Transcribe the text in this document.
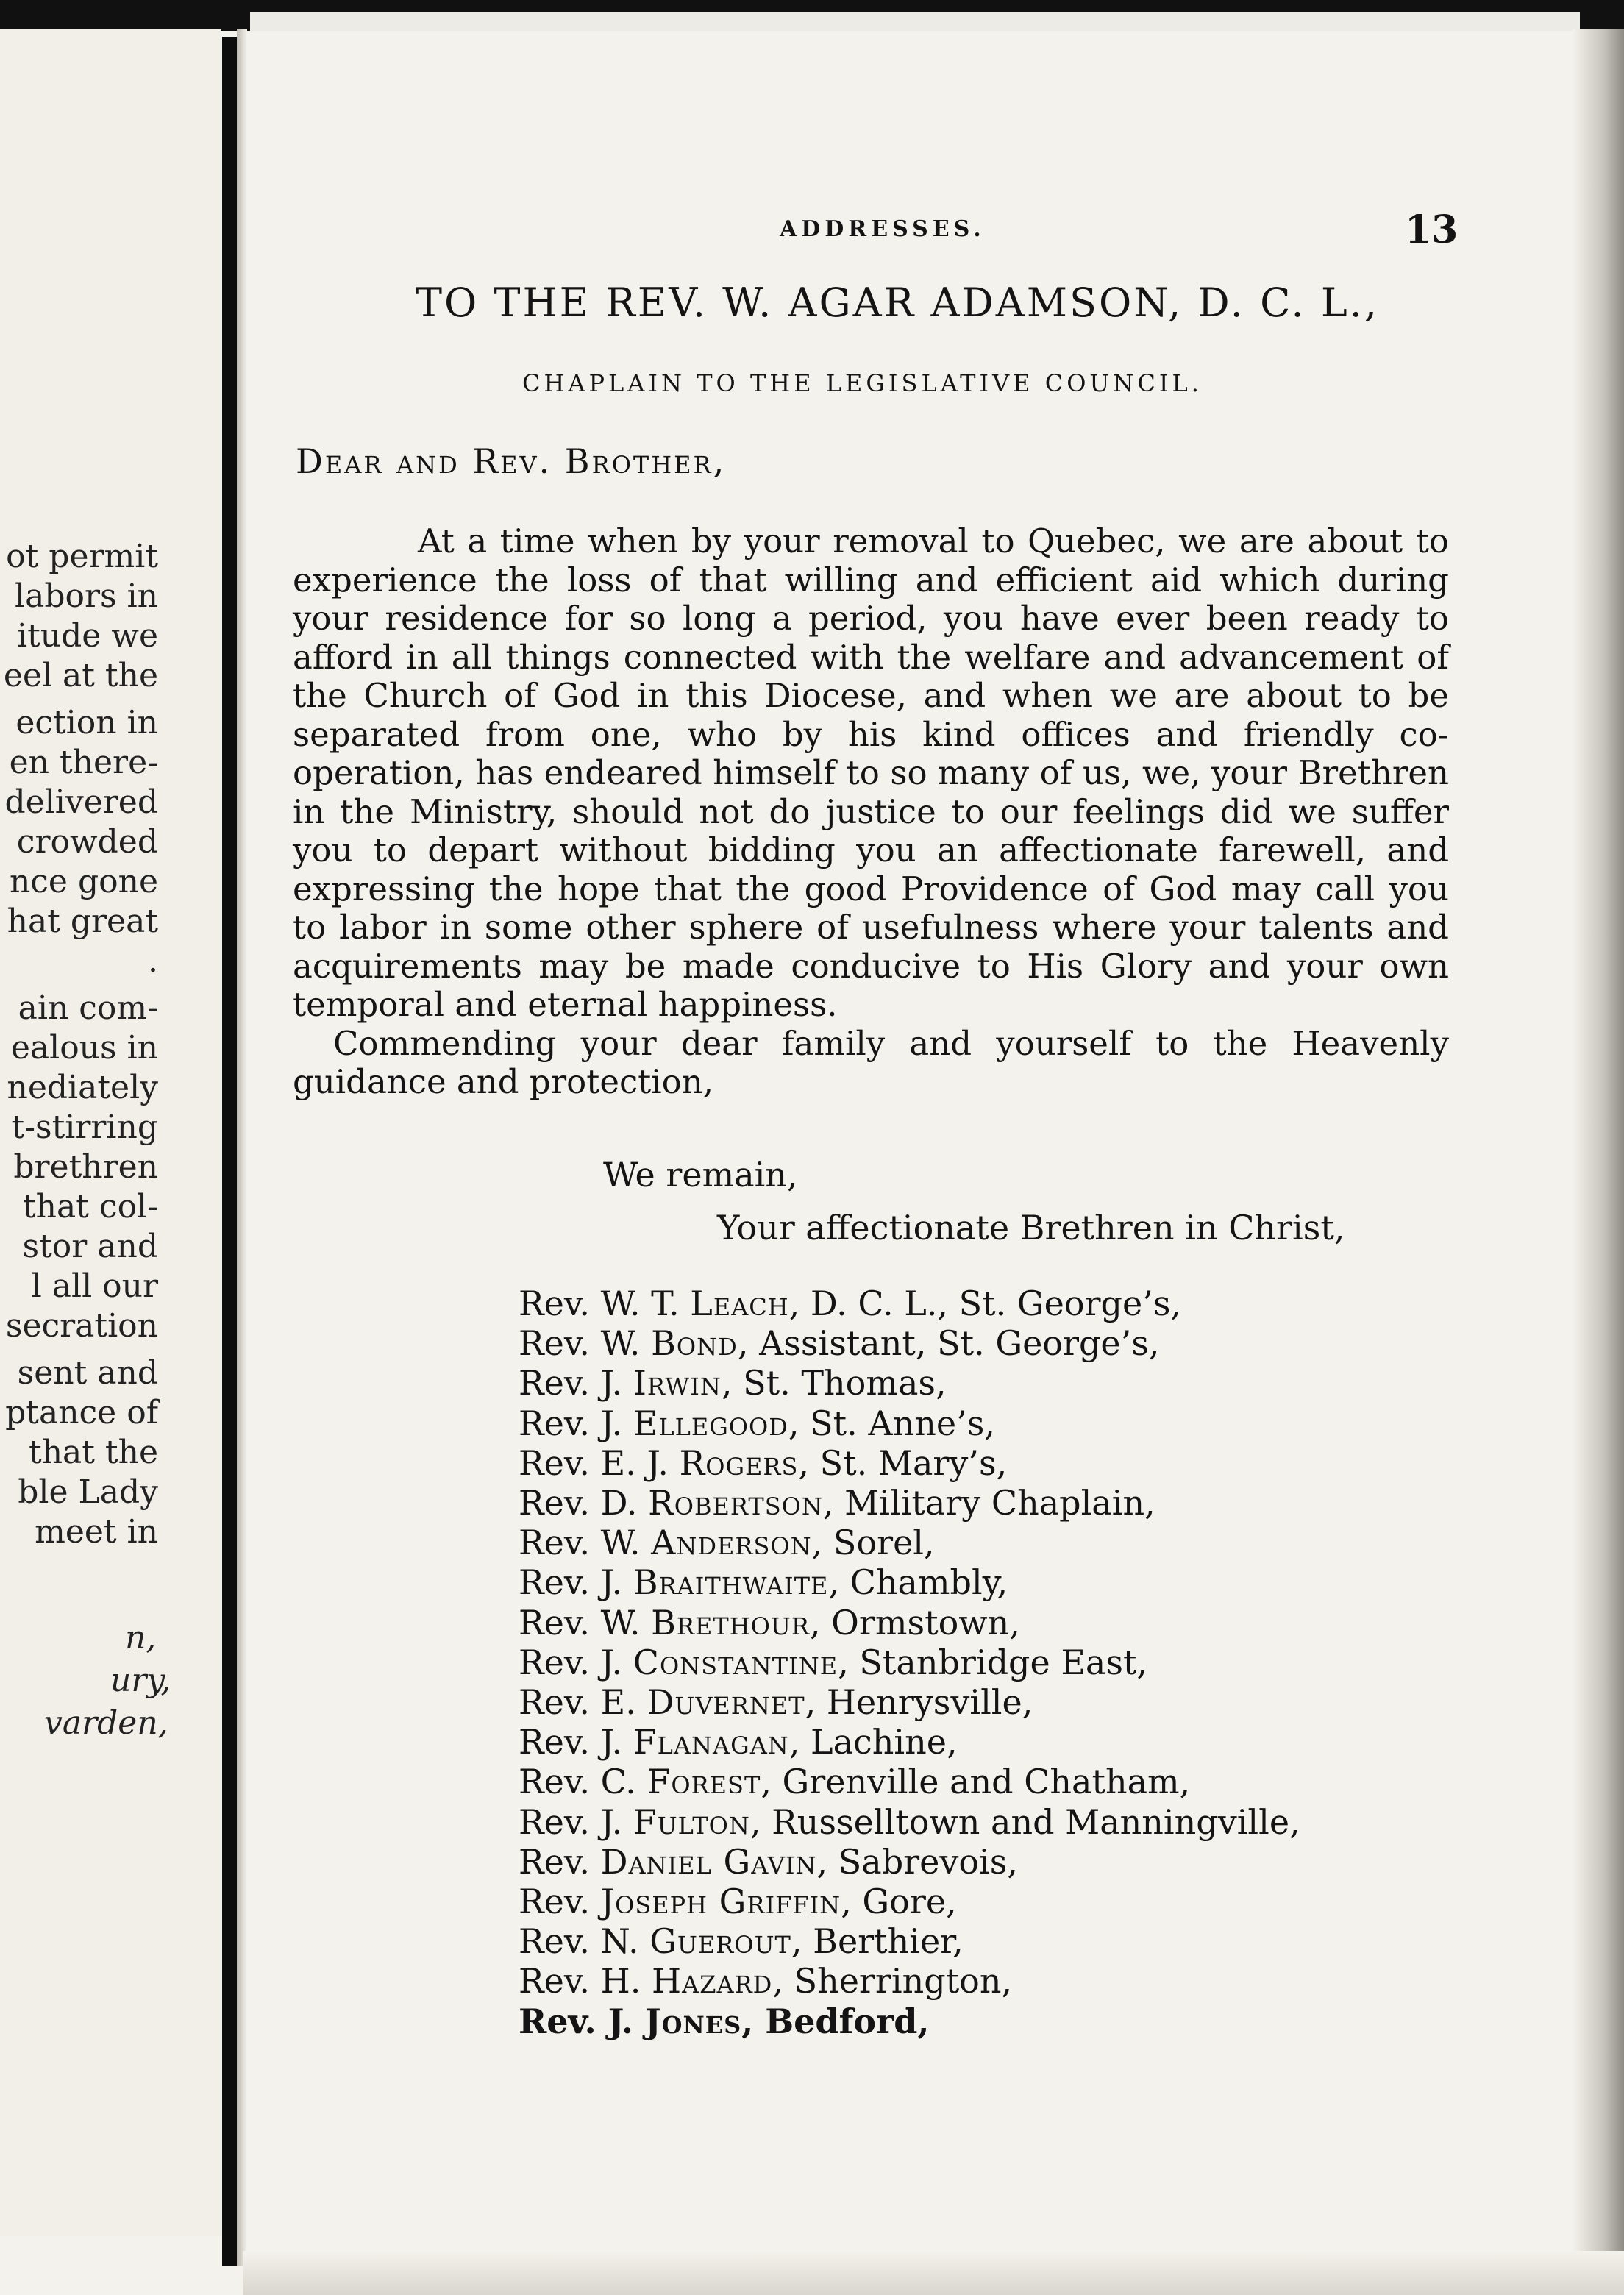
ot permit
labors in
itude we
eel at the
ection in
en there-
delivered
crowded
nce gone
hat great
.
ain com-
ealous in
nediately
t-stirring
brethren
that col-
stor and
l all our
secration
sent and
ptance of
that the
ble Lady
meet in
n,
ury,
varden,
ADDRESSES.	13
TO THE REV. W. AGAR ADAMSON, D. C. L.,
CHAPLAIN TO THE LEGISLATIVE COUNCIL.
Dear and Rev. Brother,

At a time when by your removal to Quebec, we are about to experience the loss of that willing and efficient aid which during your residence for so long a period, you have ever been ready to afford in all things connected with the welfare and advancement of the Church of God in this Diocese, and when we are about to be separated from one, who by his kind offices and friendly co-operation, has endeared himself to so many of us, we, your Brethren in the Ministry, should not do justice to our feelings did we suffer you to depart without bidding you an affectionate farewell, and expressing the hope that the good Providence of God may call you to labor in some other sphere of usefulness where your talents and acquirements may be made conducive to His Glory and your own temporal and eternal happiness.

Commending your dear family and yourself to the Heavenly guidance and protection,

We remain,
Your affectionate Brethren in Christ,
Rev. W. T. Leach, D. C. L., St. George’s,
Rev. W. Bond, Assistant, St. George’s,
Rev. J. Irwin, St. Thomas,
Rev. J. Ellegood, St. Anne’s,
Rev. E. J. Rogers, St. Mary’s,
Rev. D. Robertson, Military Chaplain,
Rev. W. Anderson, Sorel,
Rev. J. Braithwaite, Chambly,
Rev. W. Brethour, Ormstown,
Rev. J. Constantine, Stanbridge East,
Rev. E. Duvernet, Henrysville,
Rev. J. Flanagan, Lachine,
Rev. C. Forest, Grenville and Chatham,
Rev. J. Fulton, Russelltown and Manningville,
Rev. Daniel Gavin, Sabrevois,
Rev. Joseph Griffin, Gore,
Rev. N. Guerout, Berthier,
Rev. H. Hazard, Sherrington,
Rev. J. Jones, Bedford,
